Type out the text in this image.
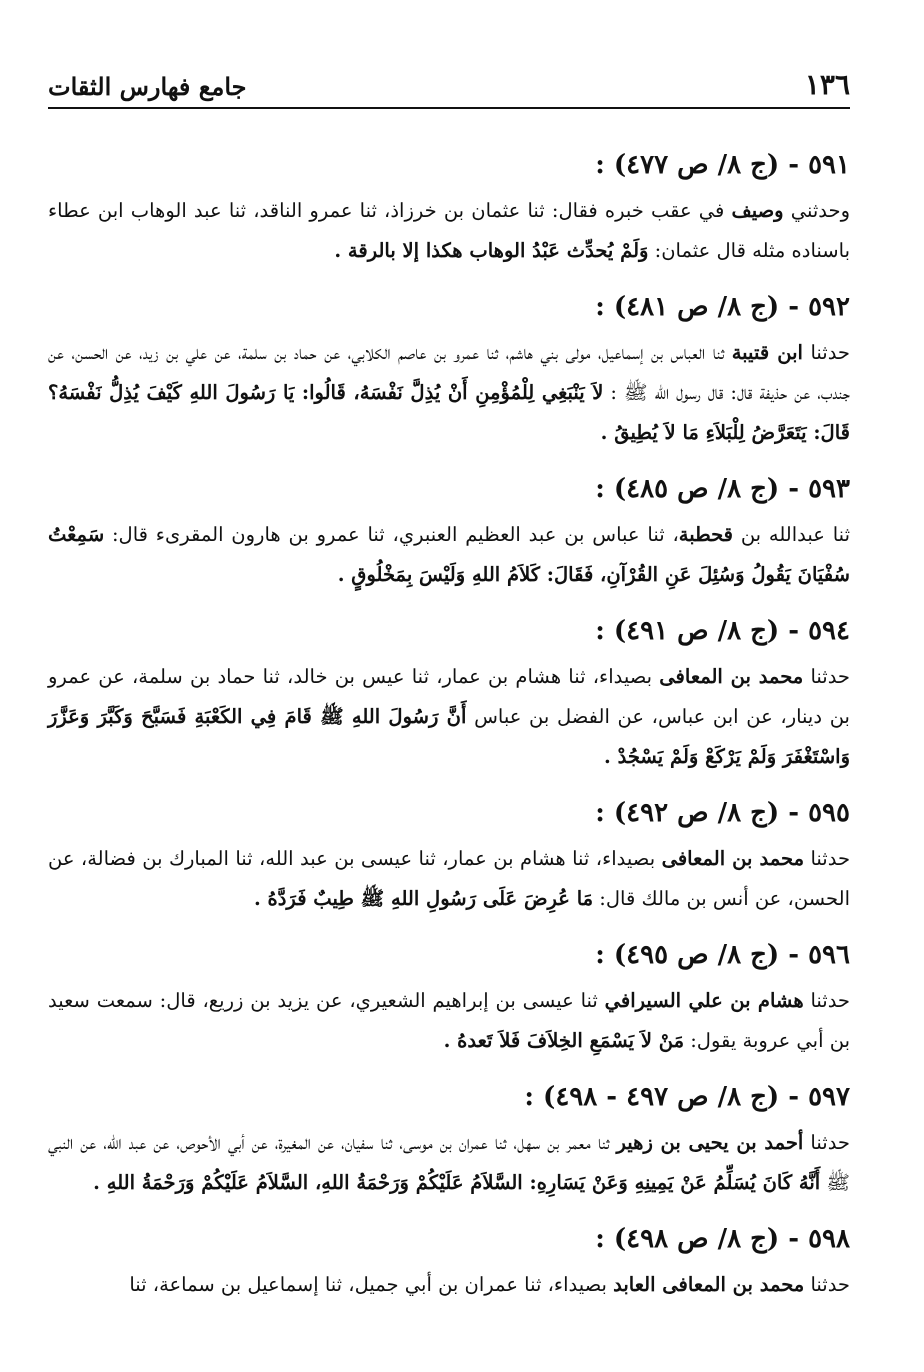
١٣٦
جامع فهارس الثقات
٥٩١ - (ج ٨/ ص ٤٧٧) :

وحدثني وصيف في عقب خبره فقال: ثنا عثمان بن خرزاذ، ثنا عمرو الناقد، ثنا عبد الوهاب ابن عطاء باسناده مثله قال عثمان: وَلَمْ يُحدِّث عَبْدُ الوهاب هكذا إلا بالرقة .

٥٩٢ - (ج ٨/ ص ٤٨١) :

حدثنا ابن قتيبة ثنا العباس بن إسماعيل، مولى بني هاشم، ثنا عمرو بن عاصم الكلابي، عن حماد بن سلمة، عن علي بن زيد، عن الحسن، عن جندب، عن حذيفة قال: قال رسول الله ﷺ : لاَ يَنْبَغِي لِلْمُؤْمِنِ أَنْ يُذِلَّ نَفْسَهُ، قَالُوا: يَا رَسُولَ اللهِ كَيْفَ يُذِلُّ نَفْسَهُ؟ قَالَ: يَتَعَرَّضُ لِلْبَلاَءِ مَا لاَ يُطِيقُ .

٥٩٣ - (ج ٨/ ص ٤٨٥) :

ثنا عبدالله بن قحطبة، ثنا عباس بن عبد العظيم العنبري، ثنا عمرو بن هارون المقرىء قال: سَمِعْتُ سُفْيَانَ يَقُولُ وَسُئِلَ عَنِ القُرْآنِ، فَقَالَ: كَلاَمُ اللهِ وَلَيْسَ بِمَخْلُوقٍ .

٥٩٤ - (ج ٨/ ص ٤٩١) :

حدثنا محمد بن المعافى بصيداء، ثنا هشام بن عمار، ثنا عيس بن خالد، ثنا حماد بن سلمة، عن عمرو بن دينار، عن ابن عباس، عن الفضل بن عباس أَنَّ رَسُولَ اللهِ ﷺ قَامَ فِي الكَعْبَةِ فَسَبَّحَ وَكَبَّرَ وَعَزَّرَ وَاسْتَغْفَرَ وَلَمْ يَرْكَعْ وَلَمْ يَسْجُدْ .

٥٩٥ - (ج ٨/ ص ٤٩٢) :

حدثنا محمد بن المعافى بصيداء، ثنا هشام بن عمار، ثنا عيسى بن عبد الله، ثنا المبارك بن فضالة، عن الحسن، عن أنس بن مالك قال: مَا عُرِضَ عَلَى رَسُولِ اللهِ ﷺ طِيبٌ فَرَدَّهُ .

٥٩٦ - (ج ٨/ ص ٤٩٥) :

حدثنا هشام بن علي السيرافي ثنا عيسى بن إبراهيم الشعيري، عن يزيد بن زريع، قال: سمعت سعيد بن أبي عروبة يقول: مَنْ لاَ يَسْمَعِ الخِلاَفَ فَلاَ تَعدهُ .

٥٩٧ - (ج ٨/ ص ٤٩٧ - ٤٩٨) :

حدثنا أحمد بن يحيى بن زهير ثنا معمر بن سهل، ثنا عمران بن موسى، ثنا سفيان، عن المغيرة، عن أبي الأحوص، عن عبد الله، عن النبي ﷺ أَنَّهُ كَانَ يُسَلِّمُ عَنْ يَمِينِهِ وَعَنْ يَسَارِهِ: السَّلاَمُ عَلَيْكُمْ وَرَحْمَةُ اللهِ، السَّلاَمُ عَلَيْكُمْ وَرَحْمَةُ اللهِ .

٥٩٨ - (ج ٨/ ص ٤٩٨) :

حدثنا محمد بن المعافى العابد بصيداء، ثنا عمران بن أبي جميل، ثنا إسماعيل بن سماعة، ثنا
